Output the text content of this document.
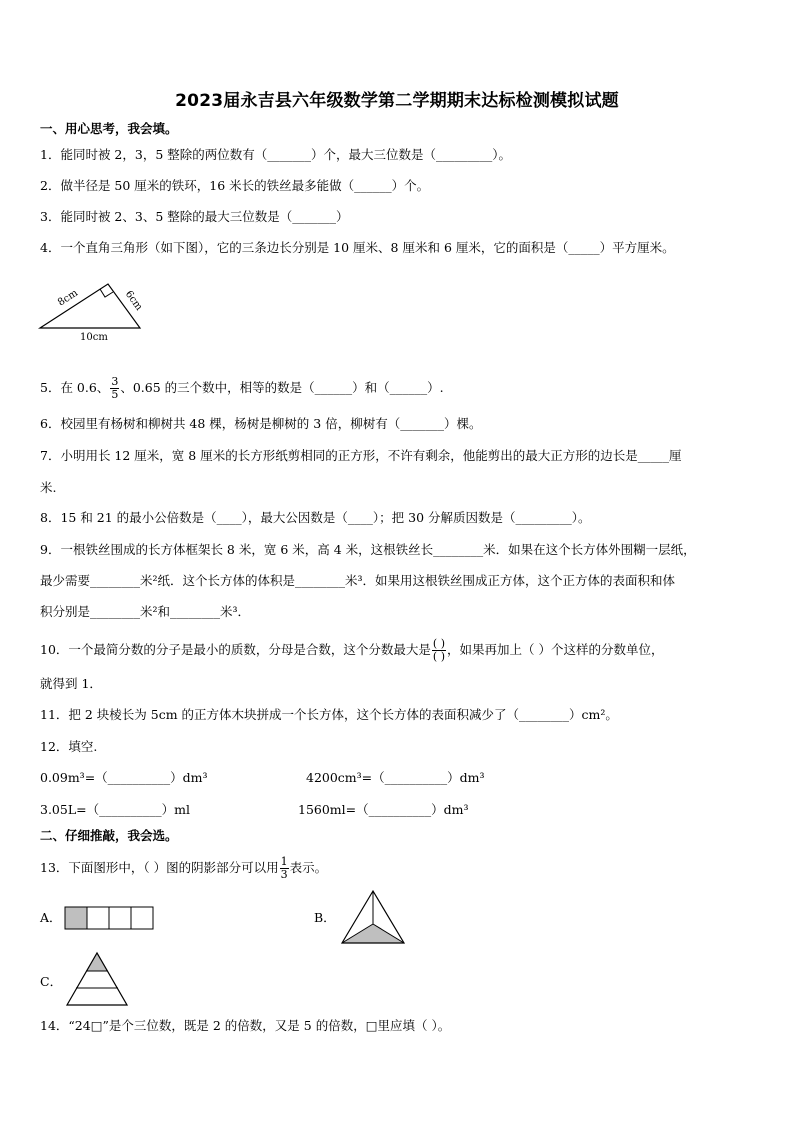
2023届永吉县六年级数学第二学期期末达标检测模拟试题
一、用心思考，我会填。
1．能同时被 2，3，5 整除的两位数有（_______）个，最大三位数是（_________）。
2．做半径是 50 厘米的铁环，16 米长的铁丝最多能做（______）个。
3．能同时被 2、3、5 整除的最大三位数是（_______）
4．一个直角三角形（如下图），它的三条边长分别是 10 厘米、8 厘米和 6 厘米，它的面积是（_____）平方厘米。
8cm	6cm
10cm
5．在 0.6、 $\frac{3}{5}$ 、0.65 的三个数中，相等的数是（______）和（______）.
6．校园里有杨树和柳树共 48 棵，杨树是柳树的 3 倍，柳树有（_______）棵。
7．小明用长 12 厘米，宽 8 厘米的长方形纸剪相同的正方形，不许有剩余，他能剪出的最大正方形的边长是_____厘
米.
8．15 和 21 的最小公倍数是（____），最大公因数是（____）；把 30 分解质因数是（_________）。
9．一根铁丝围成的长方体框架长 8 米，宽 6 米，高 4 米，这根铁丝长________米．如果在这个长方体外围糊一层纸，
最少需要________米²纸．这个长方体的体积是________米³．如果用这根铁丝围成正方体，这个正方体的表面积和体
积分别是________米²和________米³．
10．一个最简分数的分子是最小的质数，分母是合数，这个分数最大是 $\frac{( )}{( )}$ ，如果再加上（ ）个这样的分数单位，
就得到 1．
11．把 2 块棱长为 5cm 的正方体木块拼成一个长方体，这个长方体的表面积减少了（________）cm²。
12．填空.
0.09m³=（__________）dm³	4200cm³=（__________）dm³
3.05L=（__________）ml	1560ml=（__________）dm³
二、仔细推敲，我会选。
13．下面图形中，（ ）图的阴影部分可以用 $\frac{1}{3}$ 表示。
A．	B．
C．
14．“24□”是个三位数，既是 2 的倍数，又是 5 的倍数，□里应填（ ）。
